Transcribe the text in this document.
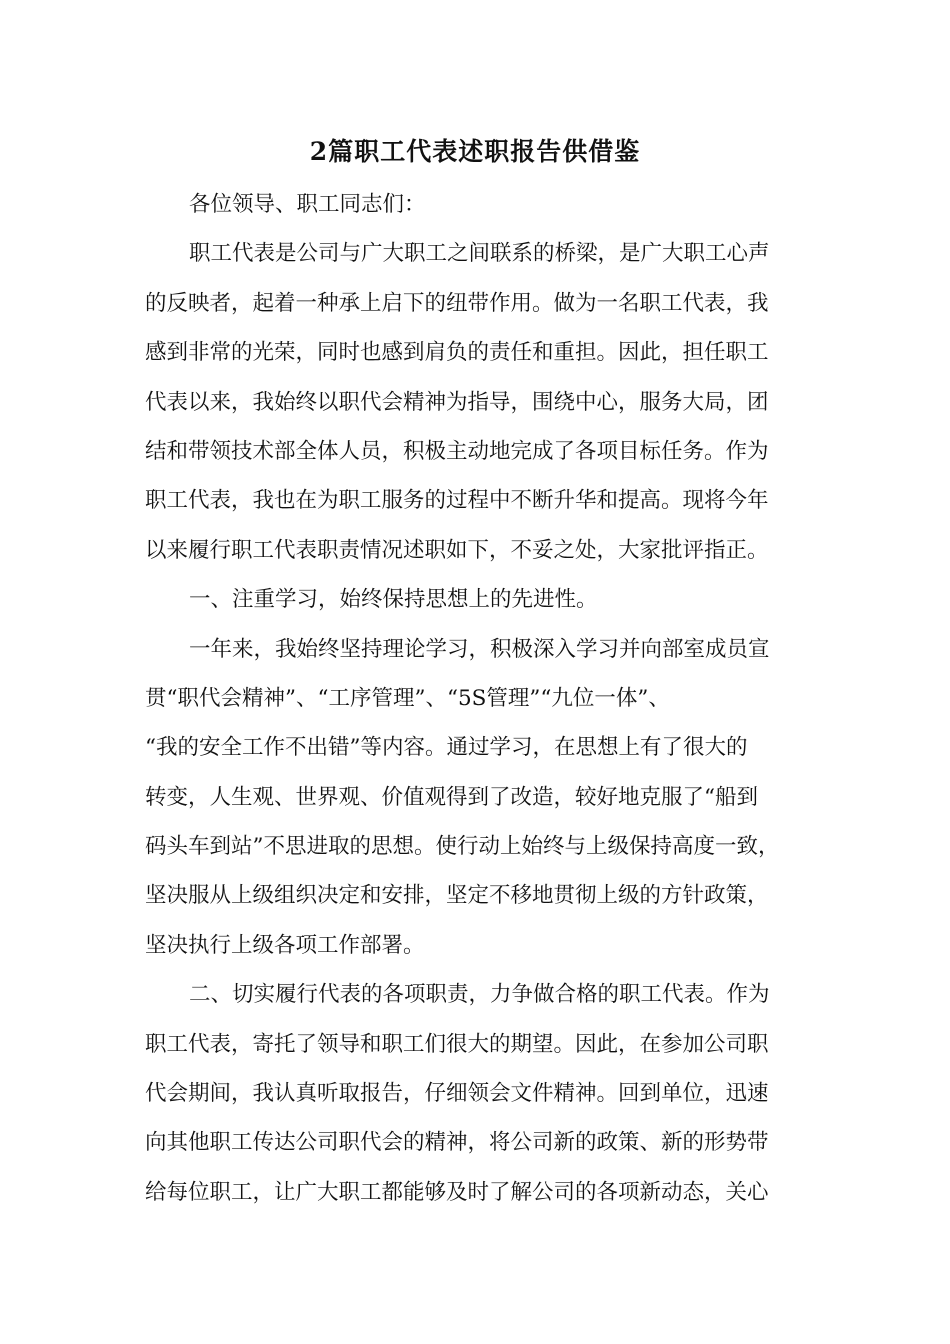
2篇职工代表述职报告供借鉴
各位领导、职工同志们：
职工代表是公司与广大职工之间联系的桥梁，是广大职工心声
的反映者，起着一种承上启下的纽带作用。做为一名职工代表，我
感到非常的光荣，同时也感到肩负的责任和重担。因此，担任职工
代表以来，我始终以职代会精神为指导，围绕中心，服务大局，团
结和带领技术部全体人员，积极主动地完成了各项目标任务。作为
职工代表，我也在为职工服务的过程中不断升华和提高。现将今年
以来履行职工代表职责情况述职如下，不妥之处，大家批评指正。
一、注重学习，始终保持思想上的先进性。
一年来，我始终坚持理论学习，积极深入学习并向部室成员宣
贯“职代会精神”、“工序管理”、“5S管理”“九位一体”、
“我的安全工作不出错”等内容。通过学习，在思想上有了很大的
转变，人生观、世界观、价值观得到了改造，较好地克服了“船到
码头车到站”不思进取的思想。使行动上始终与上级保持高度一致，
坚决服从上级组织决定和安排，坚定不移地贯彻上级的方针政策，
坚决执行上级各项工作部署。
二、切实履行代表的各项职责，力争做合格的职工代表。作为
职工代表，寄托了领导和职工们很大的期望。因此，在参加公司职
代会期间，我认真听取报告，仔细领会文件精神。回到单位，迅速
向其他职工传达公司职代会的精神，将公司新的政策、新的形势带
给每位职工，让广大职工都能够及时了解公司的各项新动态，关心
